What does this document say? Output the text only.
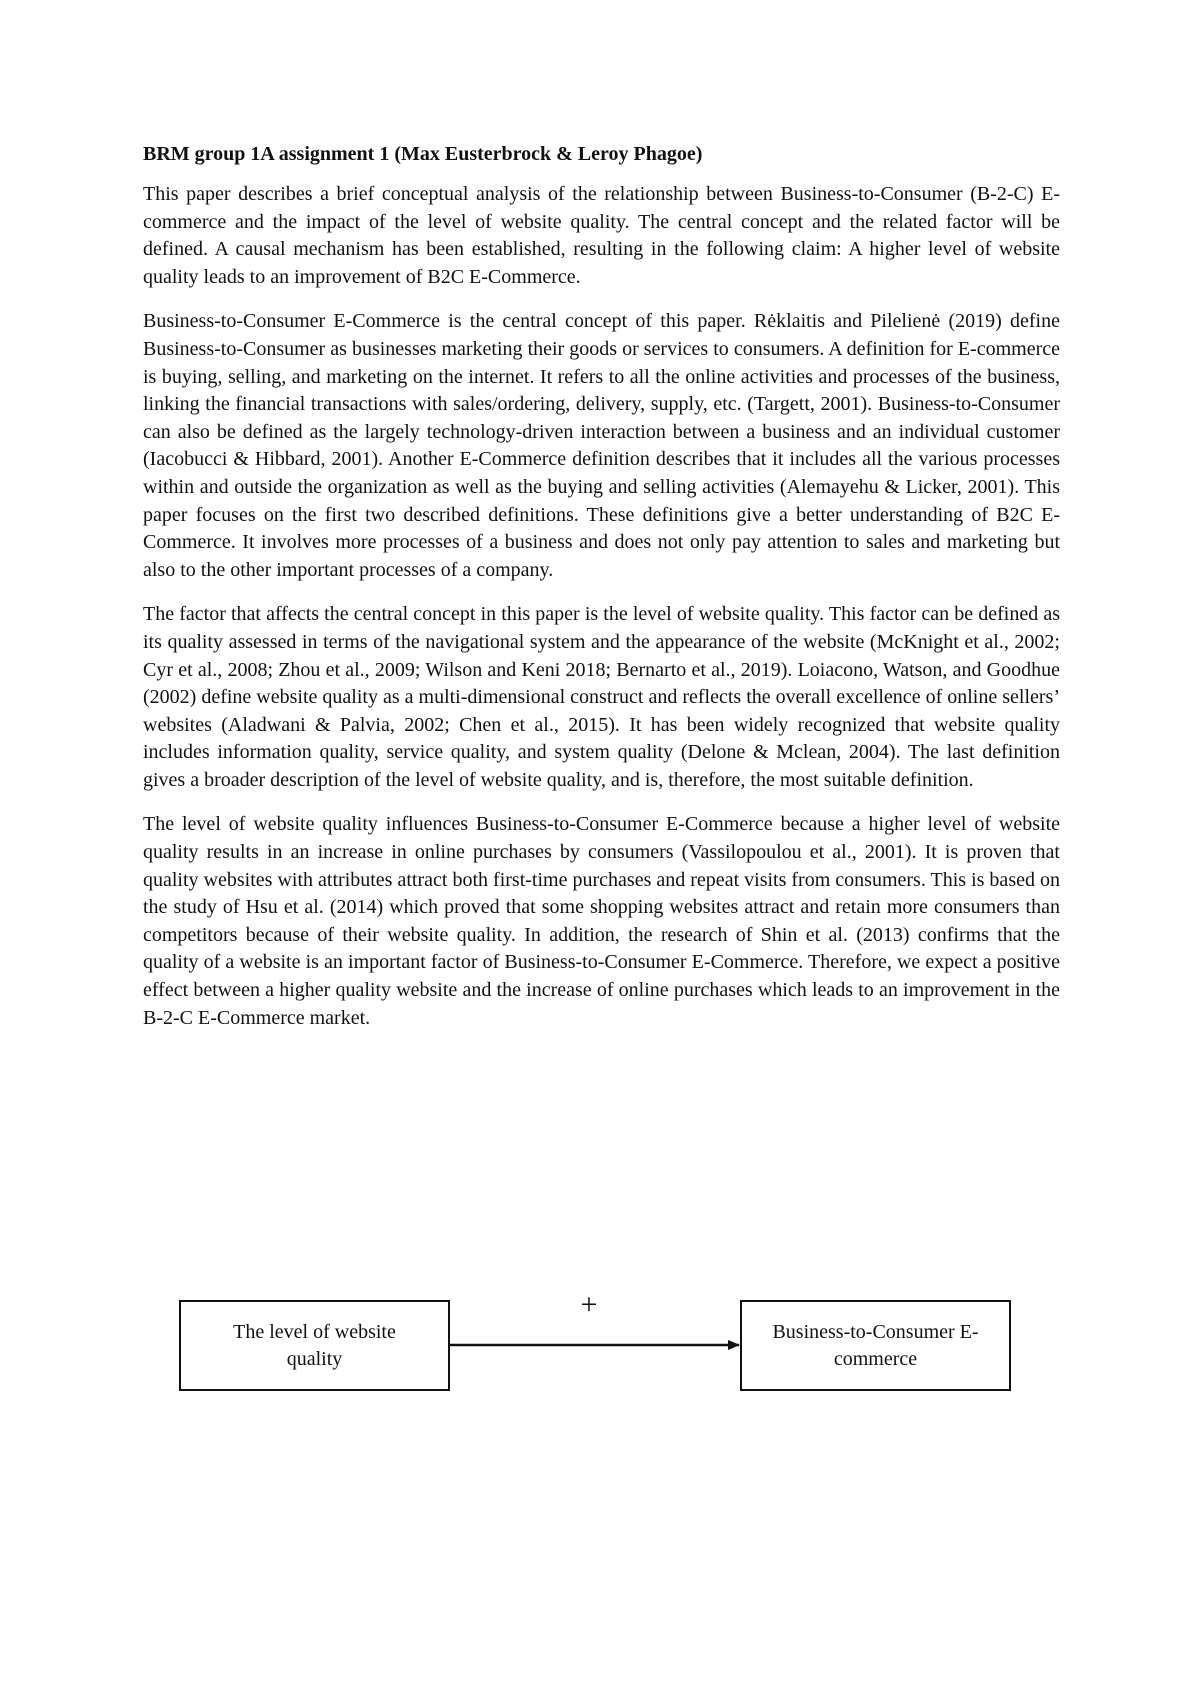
BRM group 1A assignment 1 (Max Eusterbrock & Leroy Phagoe)

This paper describes a brief conceptual analysis of the relationship between Business-to-Consumer (B-2-C) E-commerce and the impact of the level of website quality. The central concept and the related factor will be defined. A causal mechanism has been established, resulting in the following claim: A higher level of website quality leads to an improvement of B2C E-Commerce.

Business-to-Consumer E-Commerce is the central concept of this paper. Rėklaitis and Pilelienė (2019) define Business-to-Consumer as businesses marketing their goods or services to consumers. A definition for E-commerce is buying, selling, and marketing on the internet. It refers to all the online activities and processes of the business, linking the financial transactions with sales/ordering, delivery, supply, etc. (Targett, 2001). Business-to-Consumer can also be defined as the largely technology-driven interaction between a business and an individual customer (Iacobucci & Hibbard, 2001). Another E-Commerce definition describes that it includes all the various processes within and outside the organization as well as the buying and selling activities (Alemayehu & Licker, 2001). This paper focuses on the first two described definitions. These definitions give a better understanding of B2C E-Commerce. It involves more processes of a business and does not only pay attention to sales and marketing but also to the other important processes of a company.

The factor that affects the central concept in this paper is the level of website quality. This factor can be defined as its quality assessed in terms of the navigational system and the appearance of the website (McKnight et al., 2002; Cyr et al., 2008; Zhou et al., 2009; Wilson and Keni 2018; Bernarto et al., 2019). Loiacono, Watson, and Goodhue (2002) define website quality as a multi-dimensional construct and reflects the overall excellence of online sellers’ websites (Aladwani & Palvia, 2002; Chen et al., 2015). It has been widely recognized that website quality includes information quality, service quality, and system quality (Delone & Mclean, 2004). The last definition gives a broader description of the level of website quality, and is, therefore, the most suitable definition.

The level of website quality influences Business-to-Consumer E-Commerce because a higher level of website quality results in an increase in online purchases by consumers (Vassilopoulou et al., 2001). It is proven that quality websites with attributes attract both first-time purchases and repeat visits from consumers. This is based on the study of Hsu et al. (2014) which proved that some shopping websites attract and retain more consumers than competitors because of their website quality. In addition, the research of Shin et al. (2013) confirms that the quality of a website is an important factor of Business-to-Consumer E-Commerce. Therefore, we expect a positive effect between a higher quality website and the increase of online purchases which leads to an improvement in the B-2-C E-Commerce market.

The level of website quality
+
Business-to-Consumer E-commerce
